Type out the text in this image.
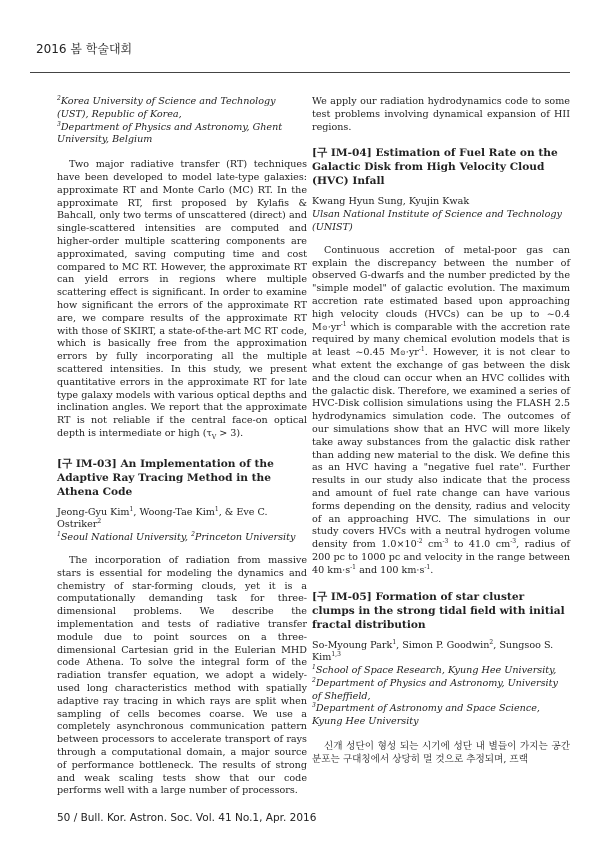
2016 봄 학술대회

$^2$Korea University of Science and Technology (UST), Republic of Korea,

$^3$Department of Physics and Astronomy, Ghent University, Belgium

Two major radiative transfer (RT) techniques have been developed to model late-type galaxies: approximate RT and Monte Carlo (MC) RT. In the approximate RT, first proposed by Kylafis & Bahcall, only two terms of unscattered (direct) and single-scattered intensities are computed and higher-order multiple scattering components are approximated, saving computing time and cost compared to MC RT. However, the approximate RT can yield errors in regions where multiple scattering effect is significant. In order to examine how significant the errors of the approximate RT are, we compare results of the approximate RT with those of SKIRT, a state-of-the-art MC RT code, which is basically free from the approximation errors by fully incorporating all the multiple scattered intensities. In this study, we present quantitative errors in the approximate RT for late type galaxy models with various optical depths and inclination angles. We report that the approximate RT is not reliable if the central face-on optical depth is intermediate or high $(\tau_V > 3)$.

[구 IM-03] An Implementation of the Adaptive Ray Tracing Method in the Athena Code

Jeong-Gyu Kim$^1$, Woong-Tae Kim$^1$, & Eve C. Ostriker$^2$

$^1$Seoul National University, $^2$Princeton University

The incorporation of radiation from massive stars is essential for modeling the dynamics and chemistry of star-forming clouds, yet it is a computationally demanding task for three-dimensional problems. We describe the implementation and tests of radiative transfer module due to point sources on a three-dimensional Cartesian grid in the Eulerian MHD code Athena. To solve the integral form of the radiation transfer equation, we adopt a widely-used long characteristics method with spatially adaptive ray tracing in which rays are split when sampling of cells becomes coarse. We use a completely asynchronous communication pattern between processors to accelerate transport of rays through a computational domain, a major source of performance bottleneck. The results of strong and weak scaling tests show that our code performs well with a large number of processors.

We apply our radiation hydrodynamics code to some test problems involving dynamical expansion of HII regions.

[구 IM-04] Estimation of Fuel Rate on the Galactic Disk from High Velocity Cloud (HVC) Infall

Kwang Hyun Sung, Kyujin Kwak

Ulsan National Institute of Science and Technology (UNIST)

Continuous accretion of metal-poor gas can explain the discrepancy between the number of observed G-dwarfs and the number predicted by the "simple model" of galactic evolution. The maximum accretion rate estimated based upon approaching high velocity clouds (HVCs) can be up to ~0.4 $M⊙\cdot yr^{-1}$ which is comparable with the accretion rate required by many chemical evolution models that is at least ~0.45 $M⊙\cdot yr^{-1}$. However, it is not clear to what extent the exchange of gas between the disk and the cloud can occur when an HVC collides with the galactic disk. Therefore, we examined a series of HVC-Disk collision simulations using the FLASH 2.5 hydrodynamics simulation code. The outcomes of our simulations show that an HVC will more likely take away substances from the galactic disk rather than adding new material to the disk. We define this as an HVC having a "negative fuel rate". Further results in our study also indicate that the process and amount of fuel rate change can have various forms depending on the density, radius and velocity of an approaching HVC. The simulations in our study covers HVCs with a neutral hydrogen volume density from $1.0\times 10^{-2}$ $cm^{-3}$ to 41.0 $cm^{-3}$, radius of 200 pc to 1000 pc and velocity in the range between 40 $km\cdot s^{-1}$ and 100 $km\cdot s^{-1}$.

[구 IM-05] Formation of star cluster clumps in the strong tidal field with initial fractal distribution

So-Myoung Park$^1$, Simon P. Goodwin$^2$, Sungsoo S. Kim$^{1,3}$

$^1$School of Space Research, Kyung Hee University,

$^2$Department of Physics and Astronomy, University of Sheffield,

$^3$Department of Astronomy and Space Science, Kyung Hee University

신개 성단이 형성 되는 시기에 성단 내 별들이 가지는 공간 분포는 구대칭에서 상당히 멀 것으로 추정되며, 프랙

50 / Bull. Kor. Astron. Soc. Vol. 41 No.1, Apr. 2016
